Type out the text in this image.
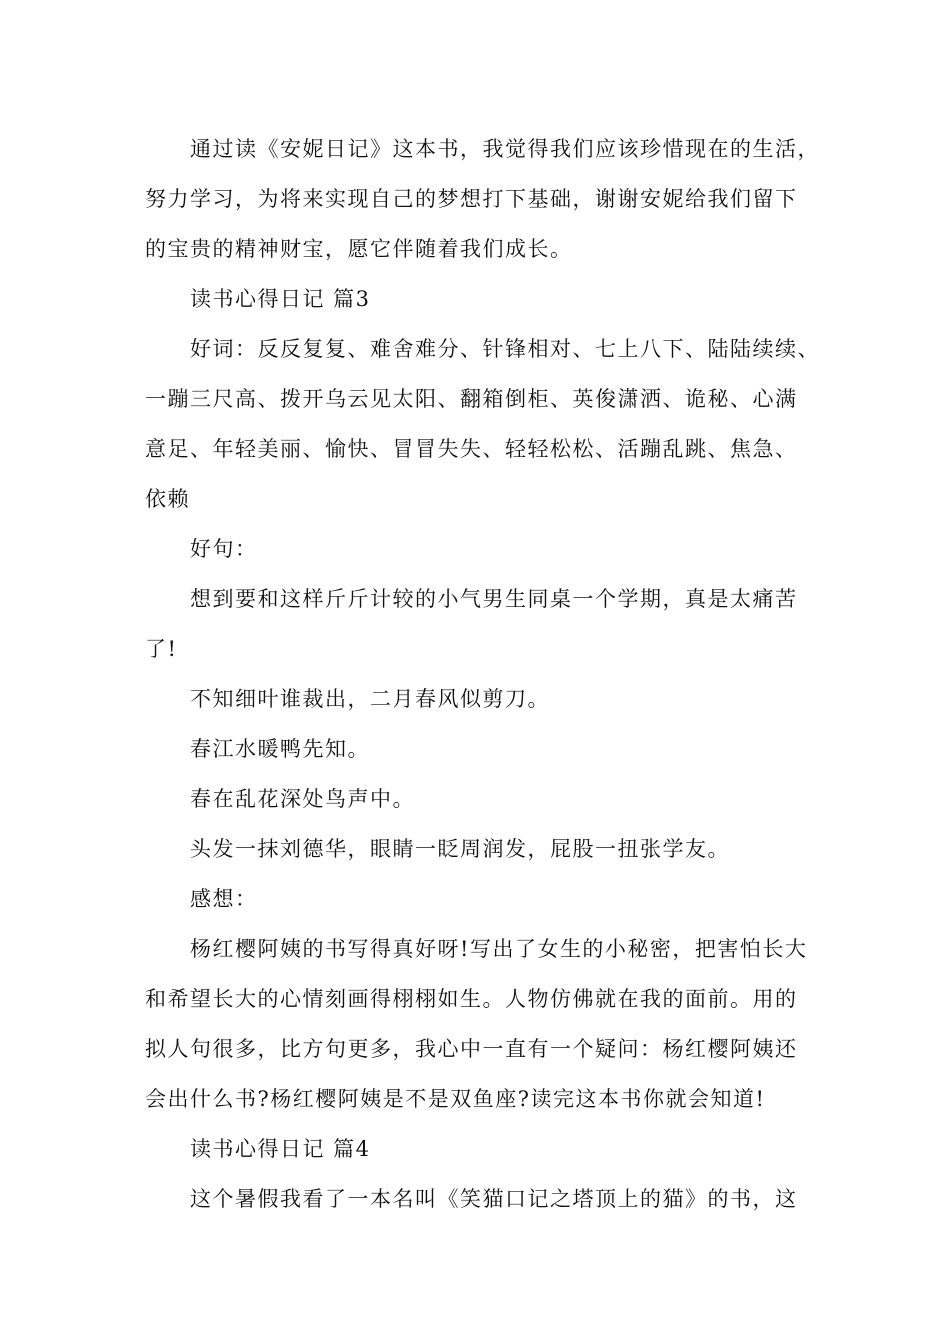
通过读《安妮日记》这本书，我觉得我们应该珍惜现在的生活，
努力学习，为将来实现自己的梦想打下基础，谢谢安妮给我们留下
的宝贵的精神财宝，愿它伴随着我们成长。

读书心得日记 篇3

好词：反反复复、难舍难分、针锋相对、七上八下、陆陆续续、
一蹦三尺高、拨开乌云见太阳、翻箱倒柜、英俊潇洒、诡秘、心满
意足、年轻美丽、愉快、冒冒失失、轻轻松松、活蹦乱跳、焦急、
依赖

好句：

想到要和这样斤斤计较的小气男生同桌一个学期，真是太痛苦
了!

不知细叶谁裁出，二月春风似剪刀。

春江水暖鸭先知。

春在乱花深处鸟声中。

头发一抹刘德华，眼睛一眨周润发，屁股一扭张学友。

感想：

杨红樱阿姨的书写得真好呀!写出了女生的小秘密，把害怕长大
和希望长大的心情刻画得栩栩如生。人物仿佛就在我的面前。用的
拟人句很多，比方句更多，我心中一直有一个疑问：杨红樱阿姨还
会出什么书?杨红樱阿姨是不是双鱼座?读完这本书你就会知道!

读书心得日记 篇4

这个暑假我看了一本名叫《笑猫口记之塔顶上的猫》的书，这
